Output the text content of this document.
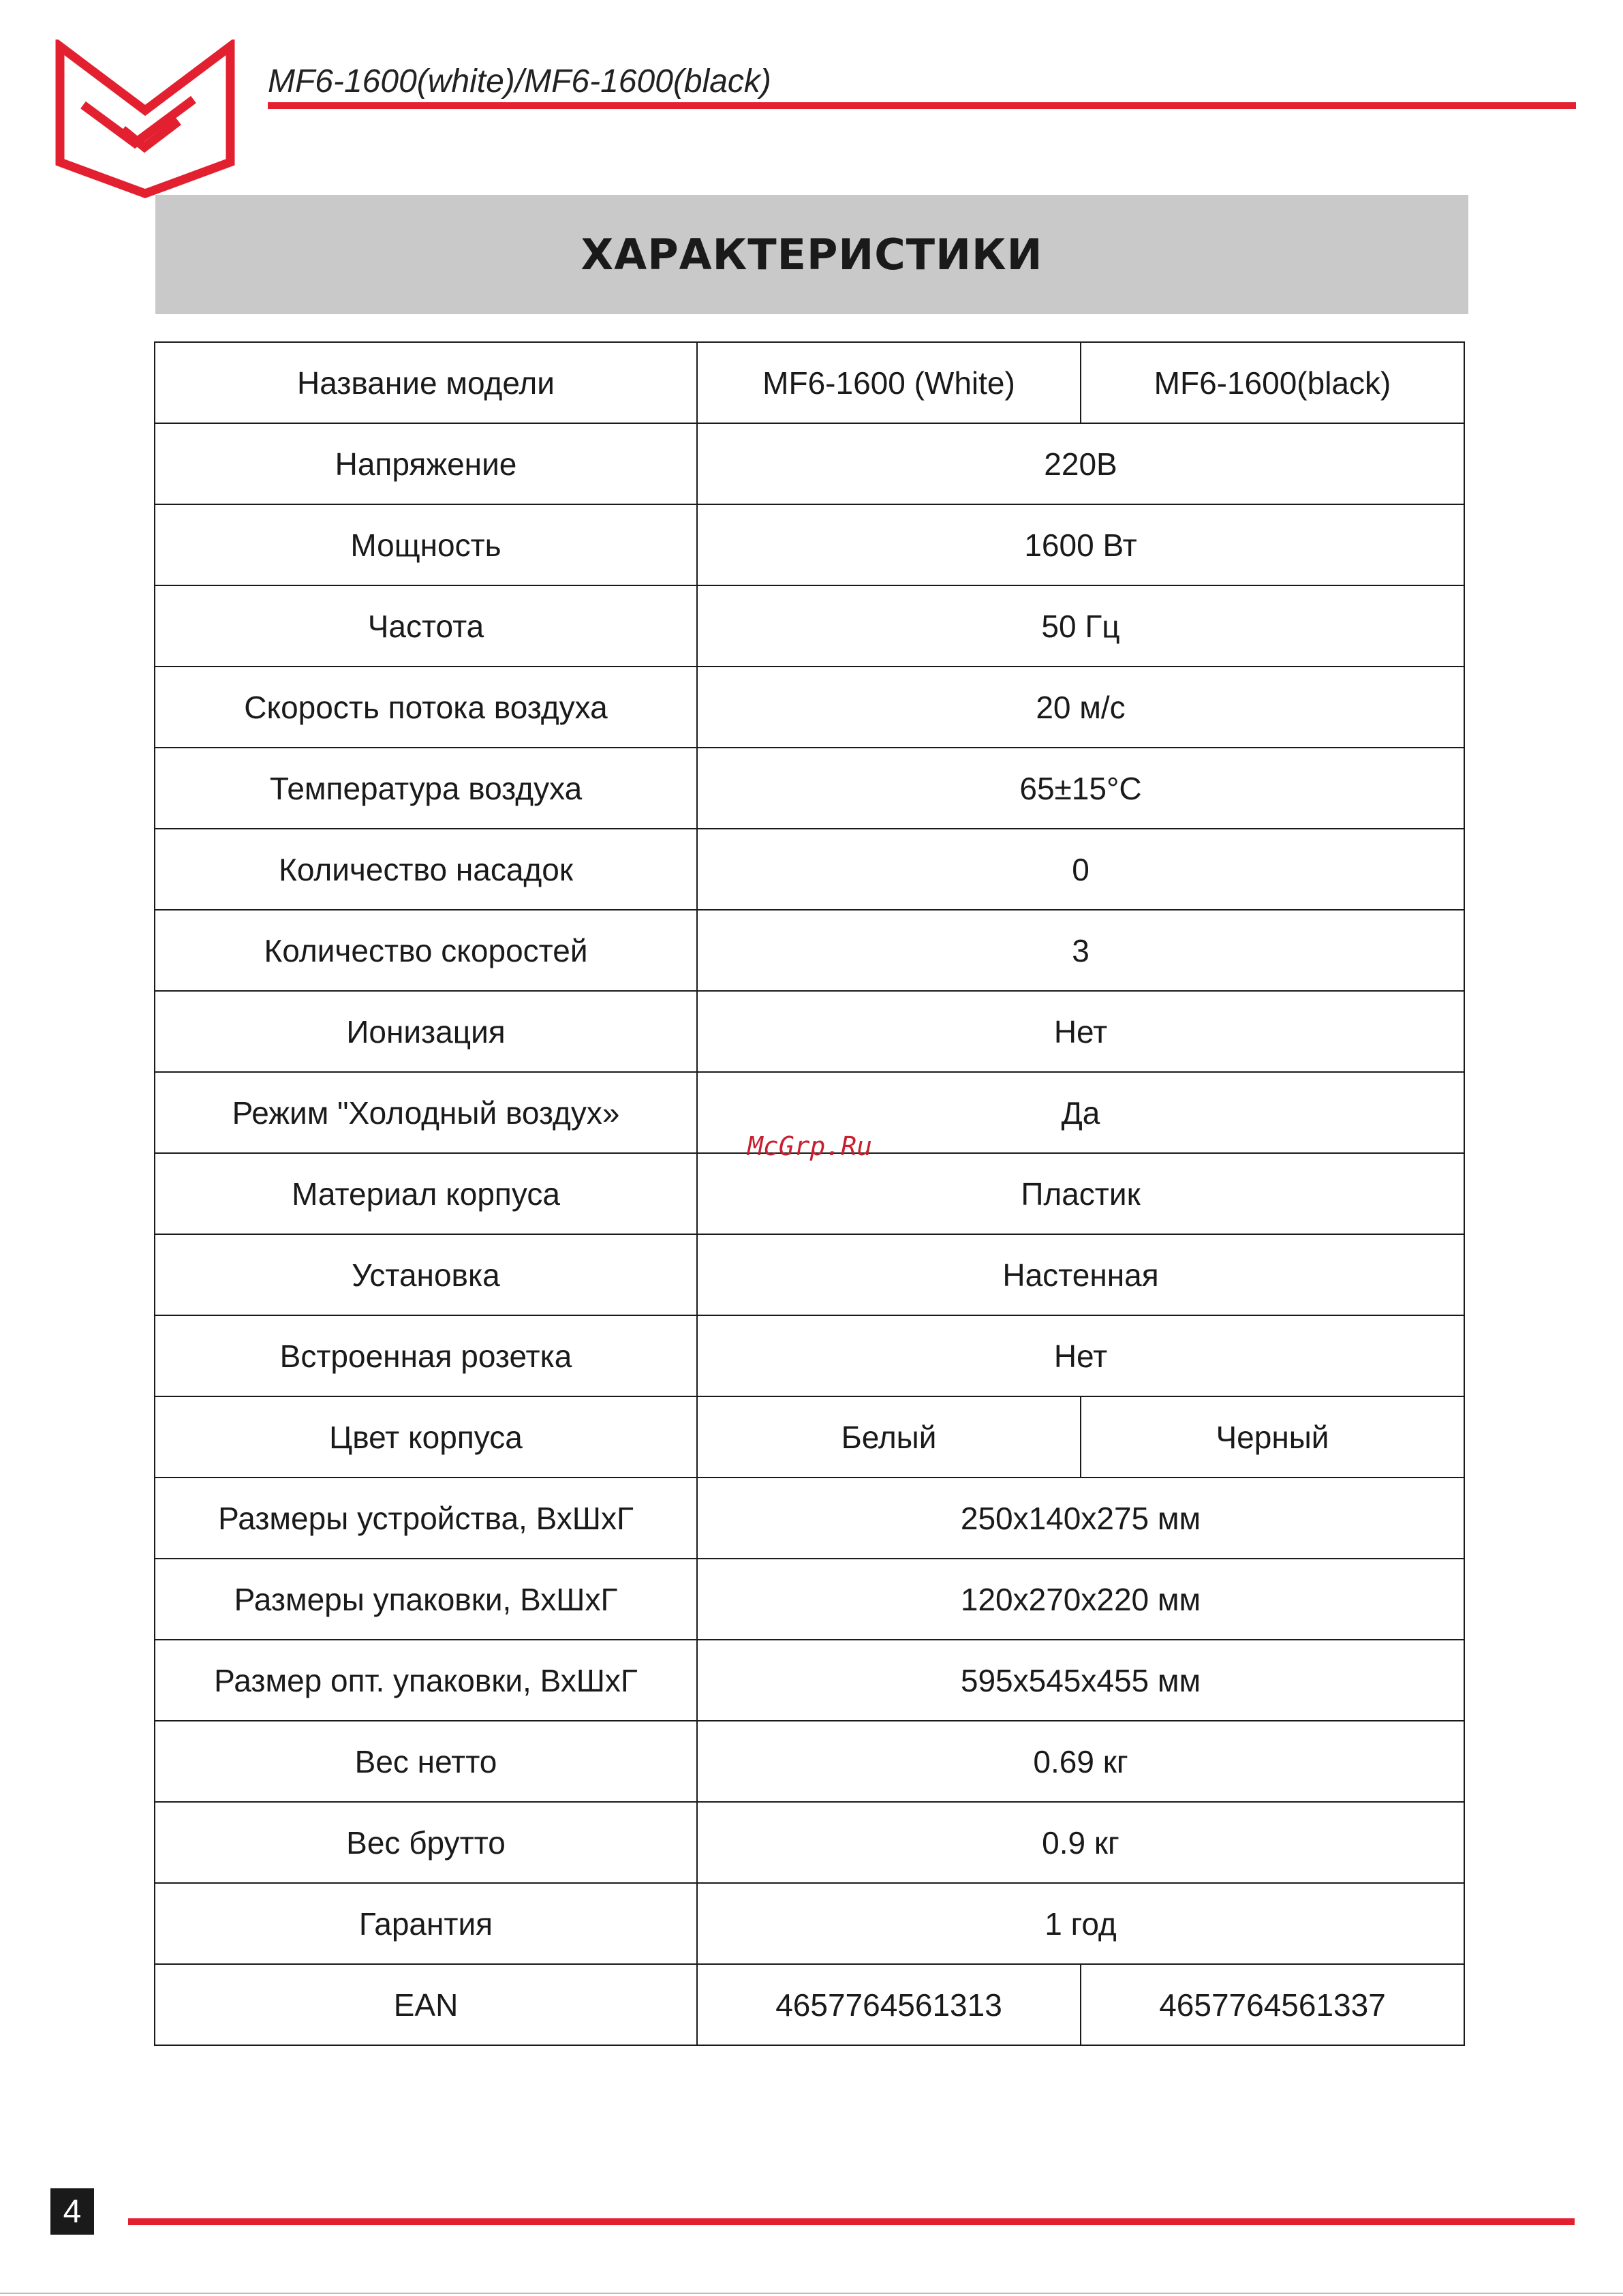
MF6-1600(white)/MF6-1600(black)
ХАРАКТЕРИСТИКИ
Название модели	MF6-1600 (White)	MF6-1600(black)
Напряжение	220В	
Мощность	1600 Вт	
Частота	50 Гц	
Скорость потока воздуха	20 м/с	
Температура воздуха	65±15°С	
Количество насадок	0	
Количество скоростей	3	
Ионизация	Нет	
Режим "Холодный воздух»	Да	
Материал корпуса	Пластик	
Установка	Настенная	
Встроенная розетка	Нет	
Цвет корпуса	Белый	Черный
Размеры устройства, ВхШхГ	250х140х275 мм	
Размеры упаковки, ВхШхГ	120х270х220 мм	
Размер опт. упаковки, ВхШхГ	595х545х455 мм	
Вес нетто	0.69 кг	
Вес брутто	0.9 кг	
Гарантия	1 год	
EAN	4657764561313	4657764561337
McGrp.Ru
4
